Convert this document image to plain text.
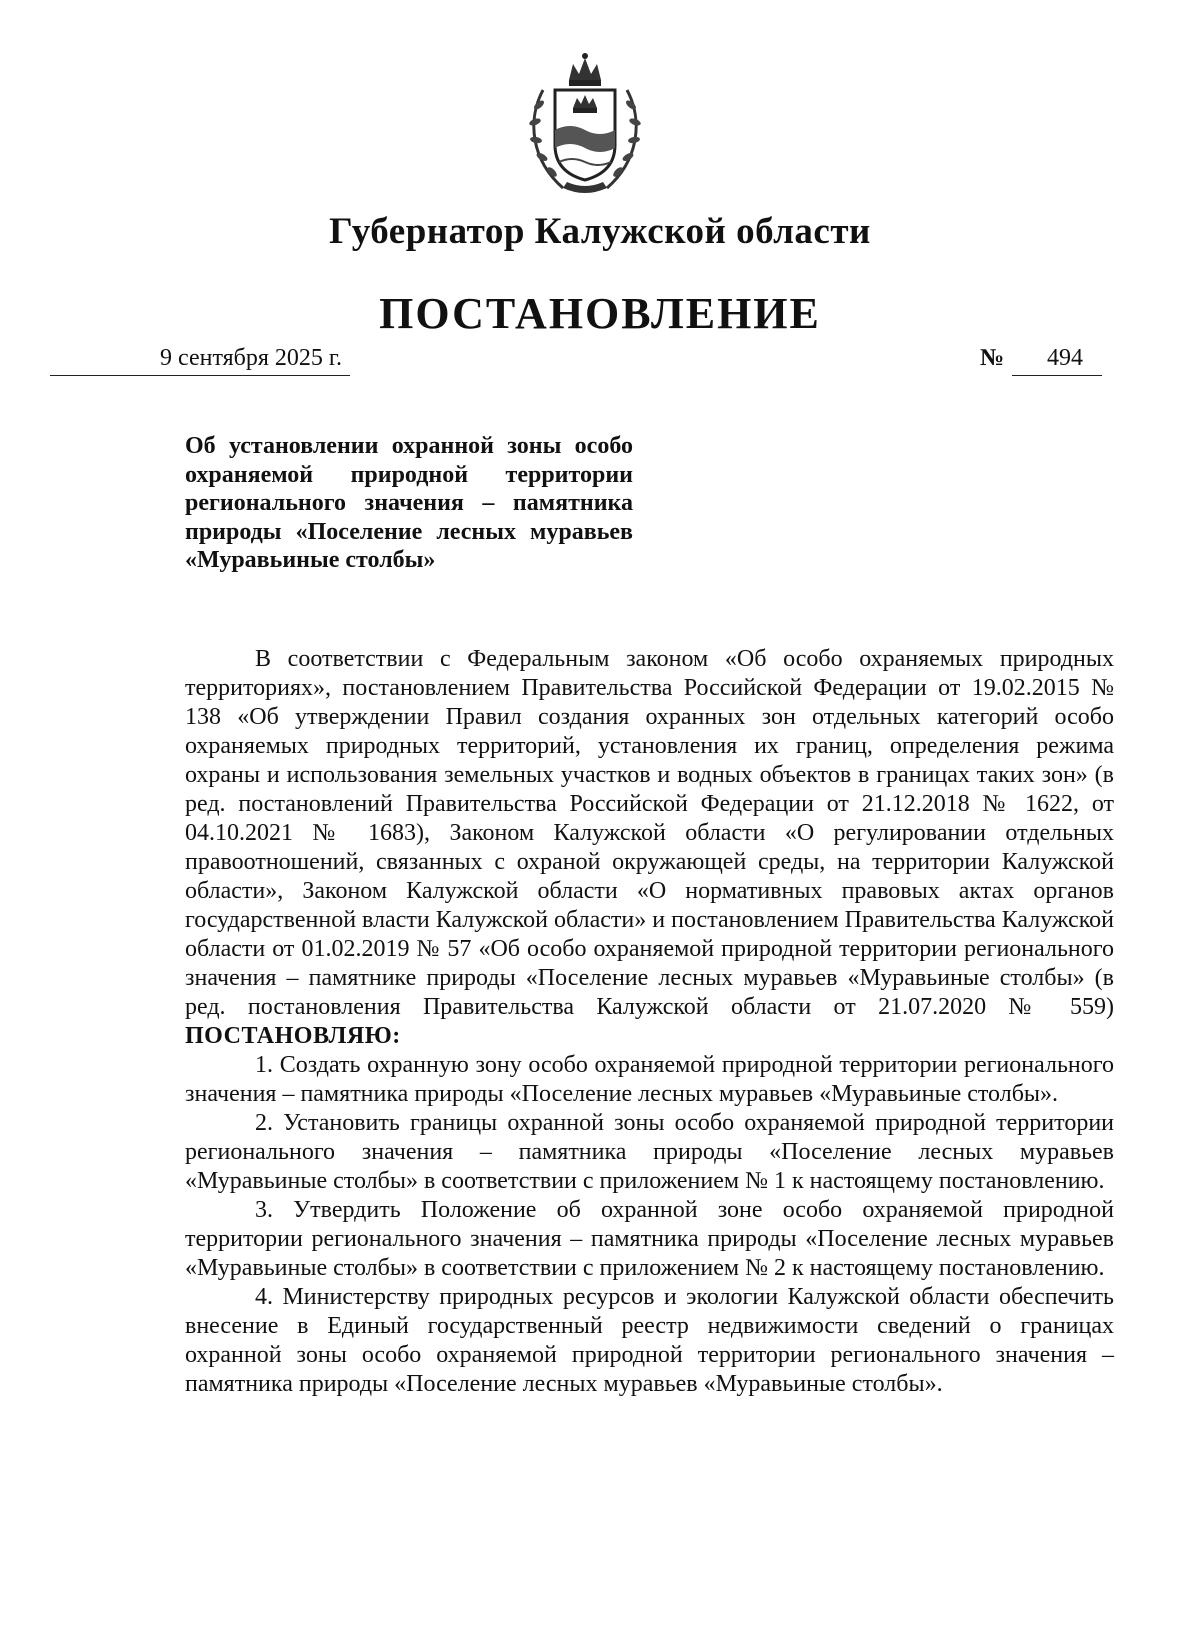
Губернатор Калужской области
ПОСТАНОВЛЕНИЕ
9 сентября 2025 г.	№ 494
Об установлении охранной зоны особо охраняемой природной территории регионального значения – памятника природы «Поселение лесных муравьев «Муравьиные столбы»

В соответствии с Федеральным законом «Об особо охраняемых природных территориях», постановлением Правительства Российской Федерации от 19.02.2015 № 138 «Об утверждении Правил создания охранных зон отдельных категорий особо охраняемых природных территорий, установления их границ, определения режима охраны и использования земельных участков и водных объектов в границах таких зон» (в ред. постановлений Правительства Российской Федерации от 21.12.2018 № 1622, от 04.10.2021 № 1683), Законом Калужской области «О регулировании отдельных правоотношений, связанных с охраной окружающей среды, на территории Калужской области», Законом Калужской области «О нормативных правовых актах органов государственной власти Калужской области» и постановлением Правительства Калужской области от 01.02.2019 № 57 «Об особо охраняемой природной территории регионального значения – памятнике природы «Поселение лесных муравьев «Муравьиные столбы» (в ред. постановления Правительства Калужской области от 21.07.2020 № 559) ПОСТАНОВЛЯЮ:

1. Создать охранную зону особо охраняемой природной территории регионального значения – памятника природы «Поселение лесных муравьев «Муравьиные столбы».

2. Установить границы охранной зоны особо охраняемой природной территории регионального значения – памятника природы «Поселение лесных муравьев «Муравьиные столбы» в соответствии с приложением № 1 к настоящему постановлению.

3. Утвердить Положение об охранной зоне особо охраняемой природной территории регионального значения – памятника природы «Поселение лесных муравьев «Муравьиные столбы» в соответствии с приложением № 2 к настоящему постановлению.

4. Министерству природных ресурсов и экологии Калужской области обеспечить внесение в Единый государственный реестр недвижимости сведений о границах охранной зоны особо охраняемой природной территории регионального значения – памятника природы «Поселение лесных муравьев «Муравьиные столбы».
